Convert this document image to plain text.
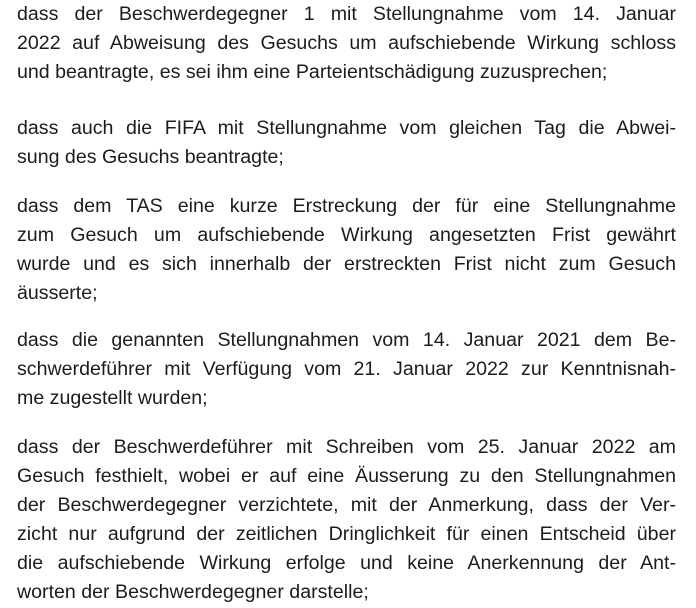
dass der Beschwerdegegner 1 mit Stellungnahme vom 14. Januar
2022 auf Abweisung des Gesuchs um aufschiebende Wirkung schloss
und beantragte, es sei ihm eine Parteientschädigung zuzusprechen;
dass auch die FIFA mit Stellungnahme vom gleichen Tag die Abwei-
sung des Gesuchs beantragte;
dass dem TAS eine kurze Erstreckung der für eine Stellungnahme
zum Gesuch um aufschiebende Wirkung angesetzten Frist gewährt
wurde und es sich innerhalb der erstreckten Frist nicht zum Gesuch
äusserte;
dass die genannten Stellungnahmen vom 14. Januar 2021 dem Be-
schwerdeführer mit Verfügung vom 21. Januar 2022 zur Kenntnisnah-
me zugestellt wurden;
dass der Beschwerdeführer mit Schreiben vom 25. Januar 2022 am
Gesuch festhielt, wobei er auf eine Äusserung zu den Stellungnahmen
der Beschwerdegegner verzichtete, mit der Anmerkung, dass der Ver-
zicht nur aufgrund der zeitlichen Dringlichkeit für einen Entscheid über
die aufschiebende Wirkung erfolge und keine Anerkennung der Ant-
worten der Beschwerdegegner darstelle;
